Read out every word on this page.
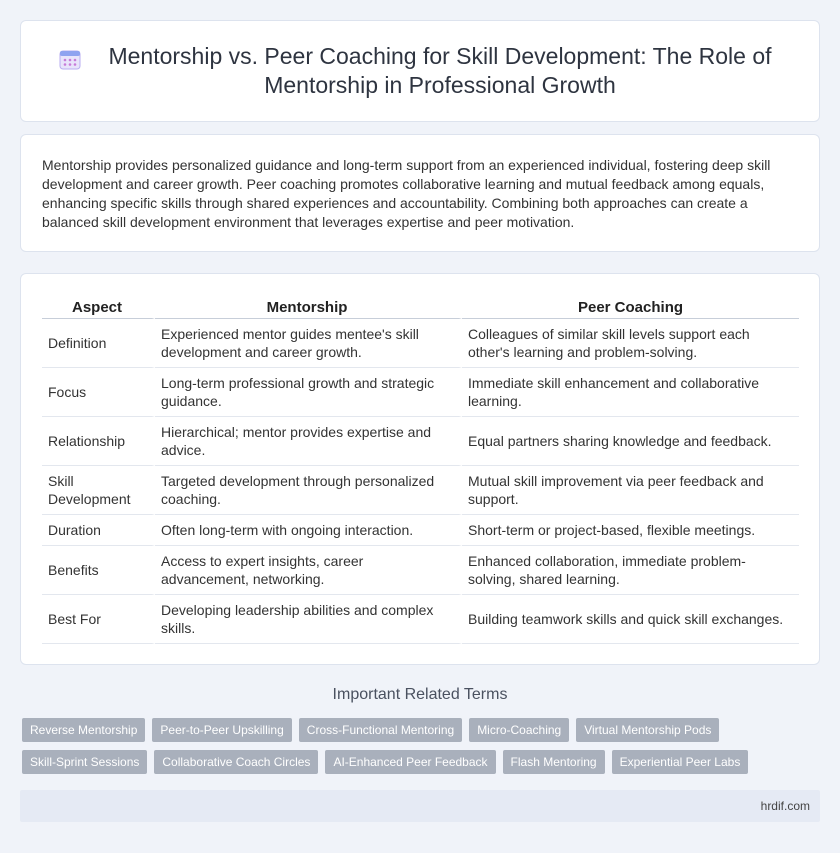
Mentorship vs. Peer Coaching for Skill Development: The Role of Mentorship in Professional Growth

Mentorship provides personalized guidance and long-term support from an experienced individual, fostering deep skill development and career growth. Peer coaching promotes collaborative learning and mutual feedback among equals, enhancing specific skills through shared experiences and accountability. Combining both approaches can create a balanced skill development environment that leverages expertise and peer motivation.

Aspect	Mentorship	Peer Coaching
Definition	Experienced mentor guides mentee's skill development and career growth.	Colleagues of similar skill levels support each other's learning and problem-solving.
Focus	Long-term professional growth and strategic guidance.	Immediate skill enhancement and collaborative learning.
Relationship	Hierarchical; mentor provides expertise and advice.	Equal partners sharing knowledge and feedback.
Skill Development	Targeted development through personalized coaching.	Mutual skill improvement via peer feedback and support.
Duration	Often long-term with ongoing interaction.	Short-term or project-based, flexible meetings.
Benefits	Access to expert insights, career advancement, networking.	Enhanced collaboration, immediate problem-solving, shared learning.
Best For	Developing leadership abilities and complex skills.	Building teamwork skills and quick skill exchanges.
Important Related Terms
Reverse Mentorship	Peer-to-Peer Upskilling	Cross-Functional Mentoring	Micro-Coaching	Virtual Mentorship Pods
Skill-Sprint Sessions	Collaborative Coach Circles	AI-Enhanced Peer Feedback	Flash Mentoring	Experiential Peer Labs
hrdif.com
